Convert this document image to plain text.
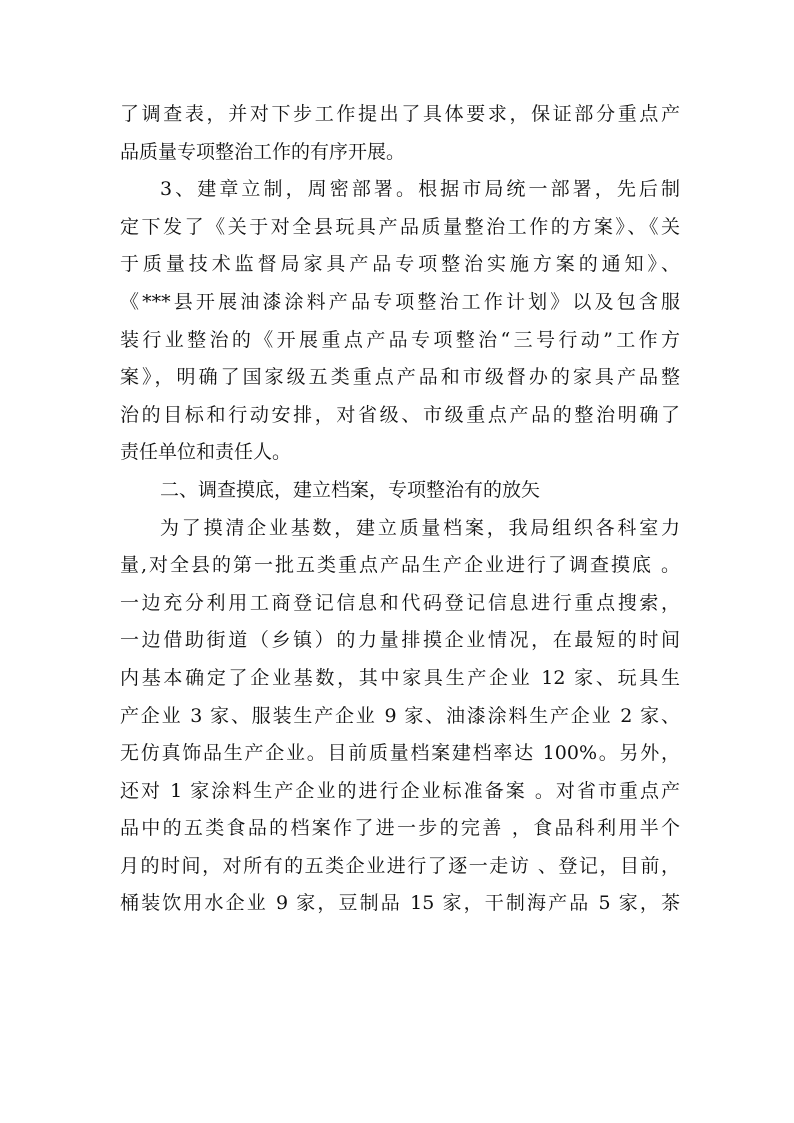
了调查表，并对下步工作提出了具体要求，保证部分重点产
品质量专项整治工作的有序开展。
3、建章立制，周密部署。根据市局统一部署，先后制
定下发了《关于对全县玩具产品质量整治工作的方案》、《关
于质量技术监督局家具产品专项整治实施方案的通知》、
《***县开展油漆涂料产品专项整治工作计划》以及包含服
装行业整治的《开展重点产品专项整治“三号行动”工作方
案》，明确了国家级五类重点产品和市级督办的家具产品整
治的目标和行动安排，对省级、市级重点产品的整治明确了
责任单位和责任人。
二、调查摸底，建立档案，专项整治有的放矢
为了摸清企业基数，建立质量档案，我局组织各科室力
量,对全县的第一批五类重点产品生产企业进行了调查摸底 。
一边充分利用工商登记信息和代码登记信息进行重点搜索，
一边借助街道（乡镇）的力量排摸企业情况，在最短的时间
内基本确定了企业基数，其中家具生产企业 12 家、玩具生
产企业 3 家、服装生产企业 9 家、油漆涂料生产企业 2 家、
无仿真饰品生产企业。目前质量档案建档率达 100%。另外，
还对 1 家涂料生产企业的进行企业标准备案 。对省市重点产
品中的五类食品的档案作了进一步的完善 ，食品科利用半个
月的时间，对所有的五类企业进行了逐一走访 、登记，目前，
桶装饮用水企业 9 家，豆制品 15 家，干制海产品 5 家，茶
